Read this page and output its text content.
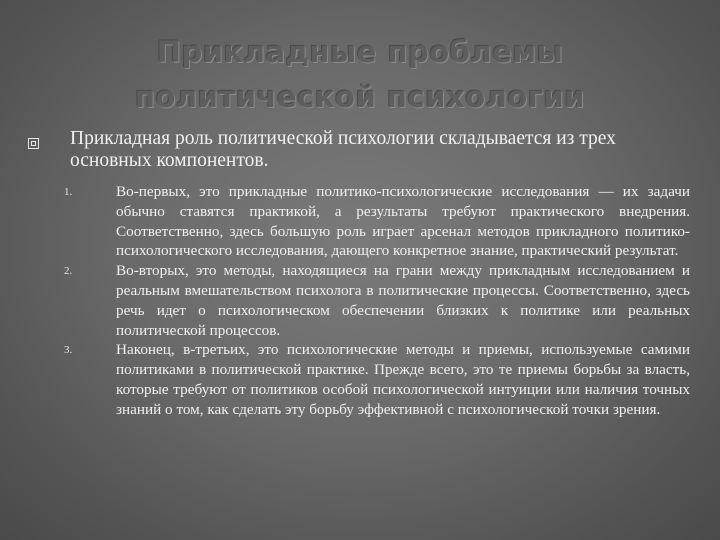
Прикладные проблемы политической психологии
Прикладная роль политической психологии складывается из трех основных компонентов.
1.	Во-первых, это прикладные политико-психологические исследования — их задачи обычно ставятся практикой, а результаты требуют практического внедрения. Соответственно, здесь большую роль играет арсенал методов прикладного политико-психологического исследования, дающего конкретное знание, практический результат.
2.	Во-вторых, это методы, находящиеся на грани между прикладным исследованием и реальным вмешательством психолога в политические процессы. Соответственно, здесь речь идет о психологическом обеспечении близких к политике или реальных политической процессов.
3.	Наконец, в-третьих, это психологические методы и приемы, используемые самими политиками в политической практике. Прежде всего, это те приемы борьбы за власть, которые требуют от политиков особой психологической интуиции или наличия точных знаний о том, как сделать эту борьбу эффективной с психологической точки зрения.
